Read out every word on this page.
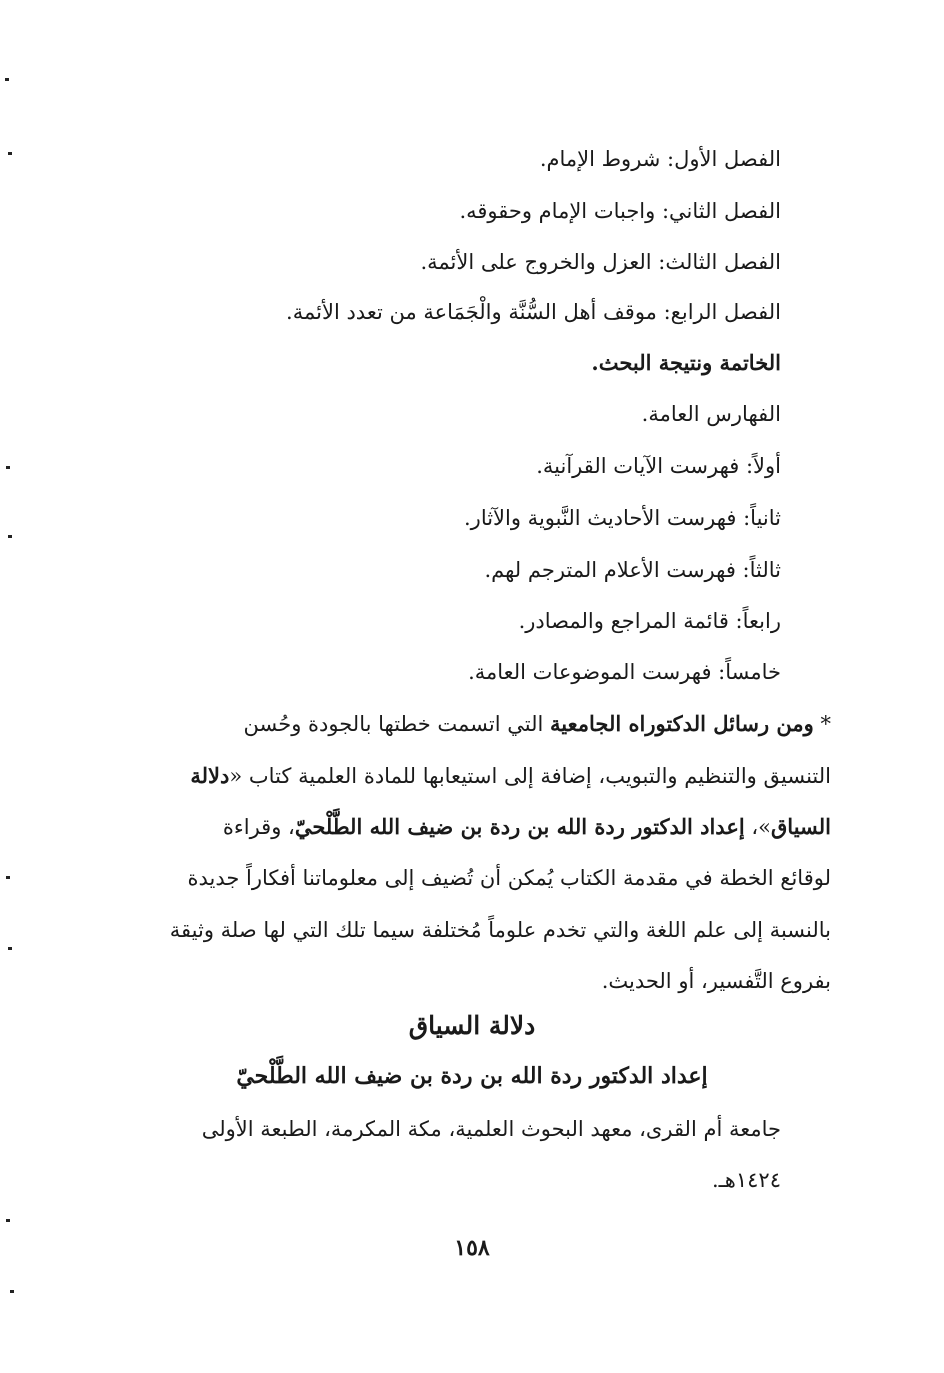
الفصل الأول: شروط الإمام.
الفصل الثاني: واجبات الإمام وحقوقه.
الفصل الثالث: العزل والخروج على الأئمة.
الفصل الرابع: موقف أهل السُّنَّة والْجَمَاعة من تعدد الأئمة.
الخاتمة ونتيجة البحث.
الفهارس العامة.
أولاً: فهرست الآيات القرآنية.
ثانياً: فهرست الأحاديث النَّبوية والآثار.
ثالثاً: فهرست الأعلام المترجم لهم.
رابعاً: قائمة المراجع والمصادر.
خامساً: فهرست الموضوعات العامة.
* ومن رسائل الدكتوراه الجامعية التي اتسمت خطتها بالجودة وحُسن
التنسيق والتنظيم والتبويب، إضافة إلى استيعابها للمادة العلمية كتاب «دلالة
السياق»، إعداد الدكتور ردة الله بن ردة بن ضيف الله الطَّلْحيّ، وقراءة
لوقائع الخطة في مقدمة الكتاب يُمكن أن تُضيف إلى معلوماتنا أفكاراً جديدة
بالنسبة إلى علم اللغة والتي تخدم علوماً مُختلفة سيما تلك التي لها صلة وثيقة
بفروع التَّفسير، أو الحديث.
دلالة السياق
إعداد الدكتور ردة الله بن ردة بن ضيف الله الطَّلْحيّ
جامعة أم القرى، معهد البحوث العلمية، مكة المكرمة، الطبعة الأولى
١٤٢٤هـ.
١٥٨
